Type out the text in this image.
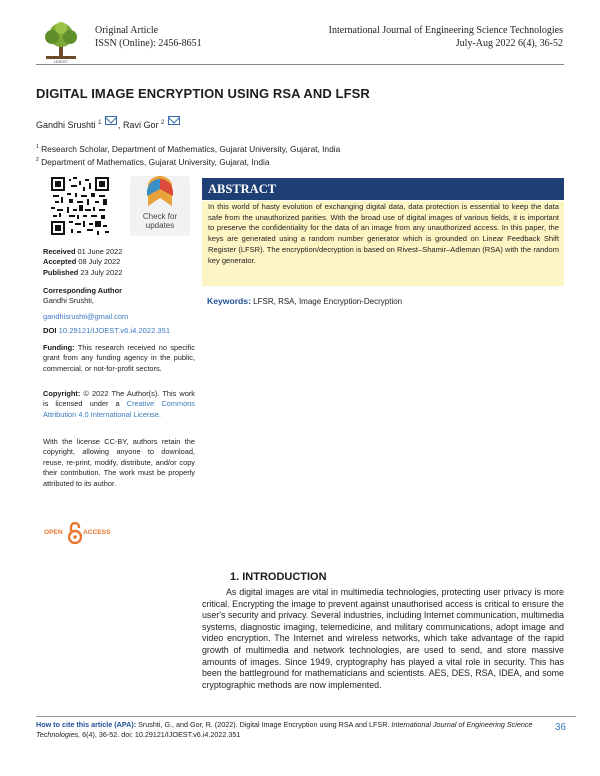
IJOEST
Original Article
ISSN (Online): 2456-8651
International Journal of Engineering Science Technologies
July-Aug 2022 6(4), 36-52
DIGITAL IMAGE ENCRYPTION USING RSA AND LFSR
Gandhi Srushti $^1$ , Ravi Gor $^2$
$^1$ Research Scholar, Department of Mathematics, Gujarat University, Gujarat, India
$^2$ Department of Mathematics, Gujarat University, Gujarat, India
Check for
updates
Received 01 June 2022
Accepted 08 July 2022
Published 23 July 2022
Corresponding Author
Gandhi Srushti,
gandhisrushti@gmail.com
DOI 10.29121/IJOEST.v6.i4.2022.351
Funding: This research received no specific grant from any funding agency in the public, commercial, or not-for-profit sectors.
Copyright: © 2022 The Author(s). This work is licensed under a Creative Commons Attribution 4.0 International License.
With the license CC-BY, authors retain the copyright, allowing anyone to download, reuse, re-print, modify, distribute, and/or copy their contribution. The work must be properly attributed to its author.
OPEN	ACCESS
ABSTRACT
In this world of hasty evolution of exchanging digital data, data protection is essential to keep the data safe from the unauthorized parities. With the broad use of digital images of various fields, it is important to preserve the confidentiality for the data of an image from any unauthorized access. In this paper, the keys are generated using a random number generator which is grounded on Linear Feedback Shift Register (LFSR). The encryption/decryption is based on Rivest–Shamir–Adleman (RSA) with the random key generator.
Keywords: LFSR, RSA, Image Encryption-Decryption
1. INTRODUCTION
As digital images are vital in multimedia technologies, protecting user privacy is more critical. Encrypting the image to prevent against unauthorised access is critical to ensure the user's security and privacy. Several industries, including Internet communication, multimedia systems, diagnostic imaging, telemedicine, and military communications, adopt image and video encryption. The Internet and wireless networks, which take advantage of the rapid growth of multimedia and network technologies, are used to send, and store massive amounts of images. Since 1949, cryptography has played a vital role in security. This has been the battleground for mathematicians and scientists. AES, DES, RSA, IDEA, and some cryptographic methods are now implemented.
How to cite this article (APA): Srushti, G., and Gor, R. (2022). Digital Image Encryption using RSA and LFSR. International Journal of Engineering Science Technologies, 6(4), 36-52. doi: 10.29121/IJOEST.v6.i4.2022.351
36
